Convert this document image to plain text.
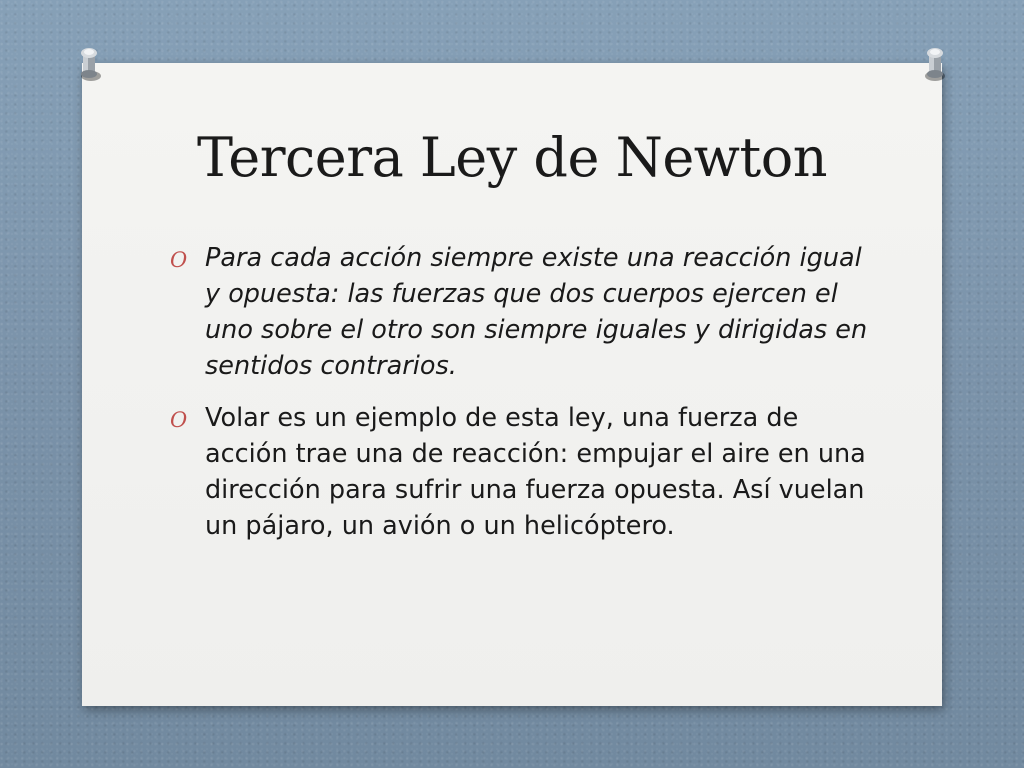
Tercera Ley de Newton
O Para cada acción siempre existe una reacción igual y opuesta: las fuerzas que dos cuerpos ejercen el uno sobre el otro son siempre iguales y dirigidas en sentidos contrarios.
O Volar es un ejemplo de esta ley, una fuerza de acción trae una de reacción: empujar el aire en una dirección para sufrir una fuerza opuesta. Así vuelan un pájaro, un avión o un helicóptero.
